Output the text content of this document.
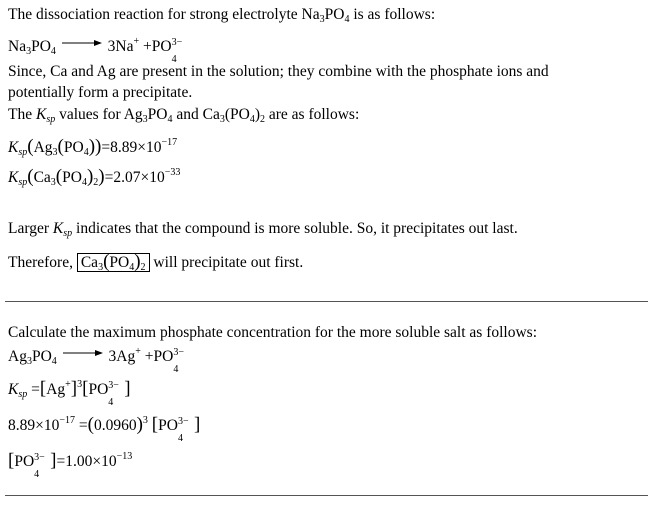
The dissociation reaction for strong electrolyte $Na_3PO_4$ is as follows:
$Na_3PO_4 \to 3Na^+ +PO$ 3−
4
Since, Ca and Ag are present in the solution; they combine with the phosphate ions and
potentially form a precipitate.
The $K_{sp}$ values for $Ag_3PO_4$ and $Ca_3(PO_4)_2$ are as follows:
$K_{sp}(Ag_3(PO_4))=8.89\times 10^{-17}$
$K_{sp}(Ca_3(PO_4)_2)=2.07\times 10^{-33}$
Larger $K_{sp}$ indicates that the compound is more soluble. So, it precipitates out last.
Therefore, $Ca_3(PO_4)_2$ will precipitate out first.
Calculate the maximum phosphate concentration for the more soluble salt as follows:
$Ag_3PO_4 \to 3Ag^+ +PO$ 3−
4
$K_{sp} =[Ag^+]^3[PO$ 3−
4
]
$8.89\times 10^{-17} =(0.0960)^3$ [PO 3−
4
]
[PO 3−
4
]$=1.00\times 10^{-13}$
